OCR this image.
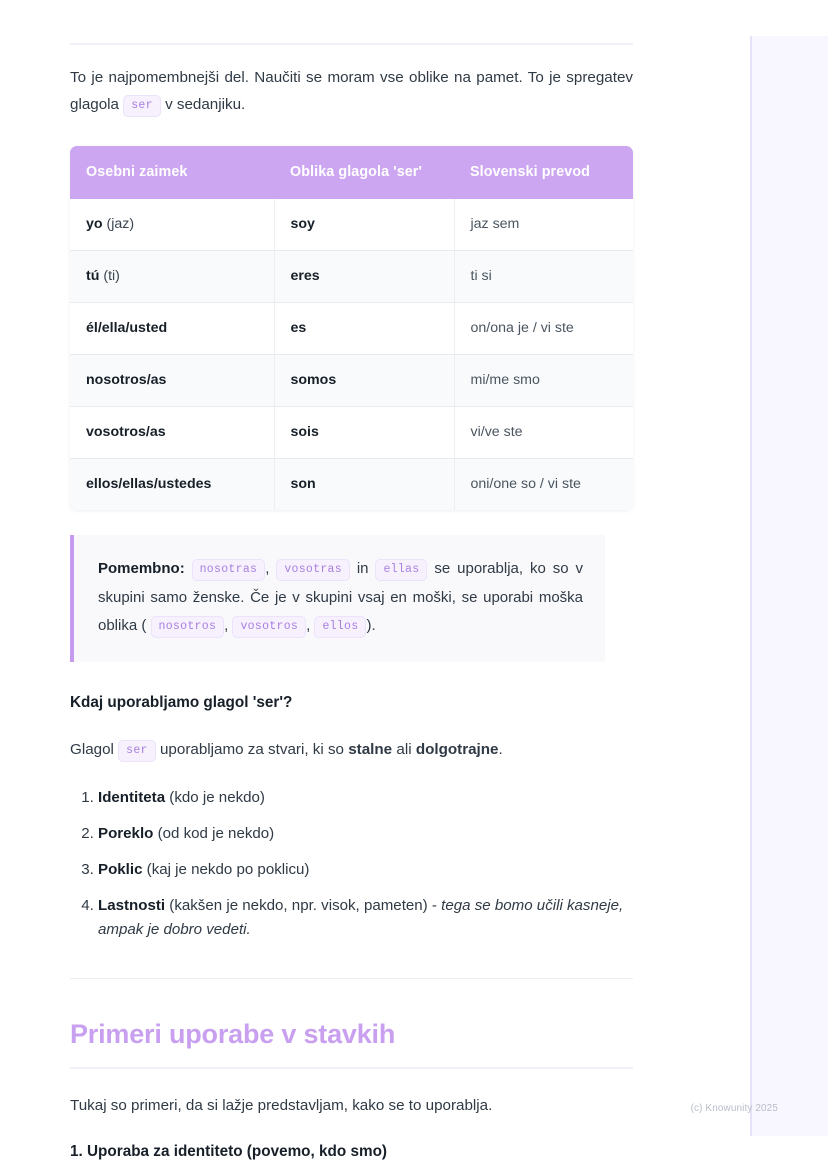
To je najpomembnejši del. Naučiti se moram vse oblike na pamet. To je spregatev glagola ser v sedanjiku.

Osebni zaimek	Oblika glagola 'ser'	Slovenski prevod
yo (jaz)	soy	jaz sem
tú (ti)	eres	ti si
él/ella/usted	es	on/ona je / vi ste
nosotros/as	somos	mi/me smo
vosotros/as	sois	vi/ve ste
ellos/ellas/ustedes	son	oni/one so / vi ste

Pomembno: nosotras , vosotras in ellas se uporablja, ko so v skupini samo ženske. Če je v skupini vsaj en moški, se uporabi moška oblika ( nosotros , vosotros , ellos ).

Kdaj uporabljamo glagol 'ser'?

Glagol ser uporabljamo za stvari, ki so stalne ali dolgotrajne.

1. Identiteta (kdo je nekdo)
2. Poreklo (od kod je nekdo)
3. Poklic (kaj je nekdo po poklicu)
4. Lastnosti (kakšen je nekdo, npr. visok, pameten) - tega se bomo učili kasneje, ampak je dobro vedeti.
Primeri uporabe v stavkih

Tukaj so primeri, da si lažje predstavljam, kako se to uporablja.

1. Uporaba za identiteto (povemo, kdo smo)
(c) Knowunity 2025
